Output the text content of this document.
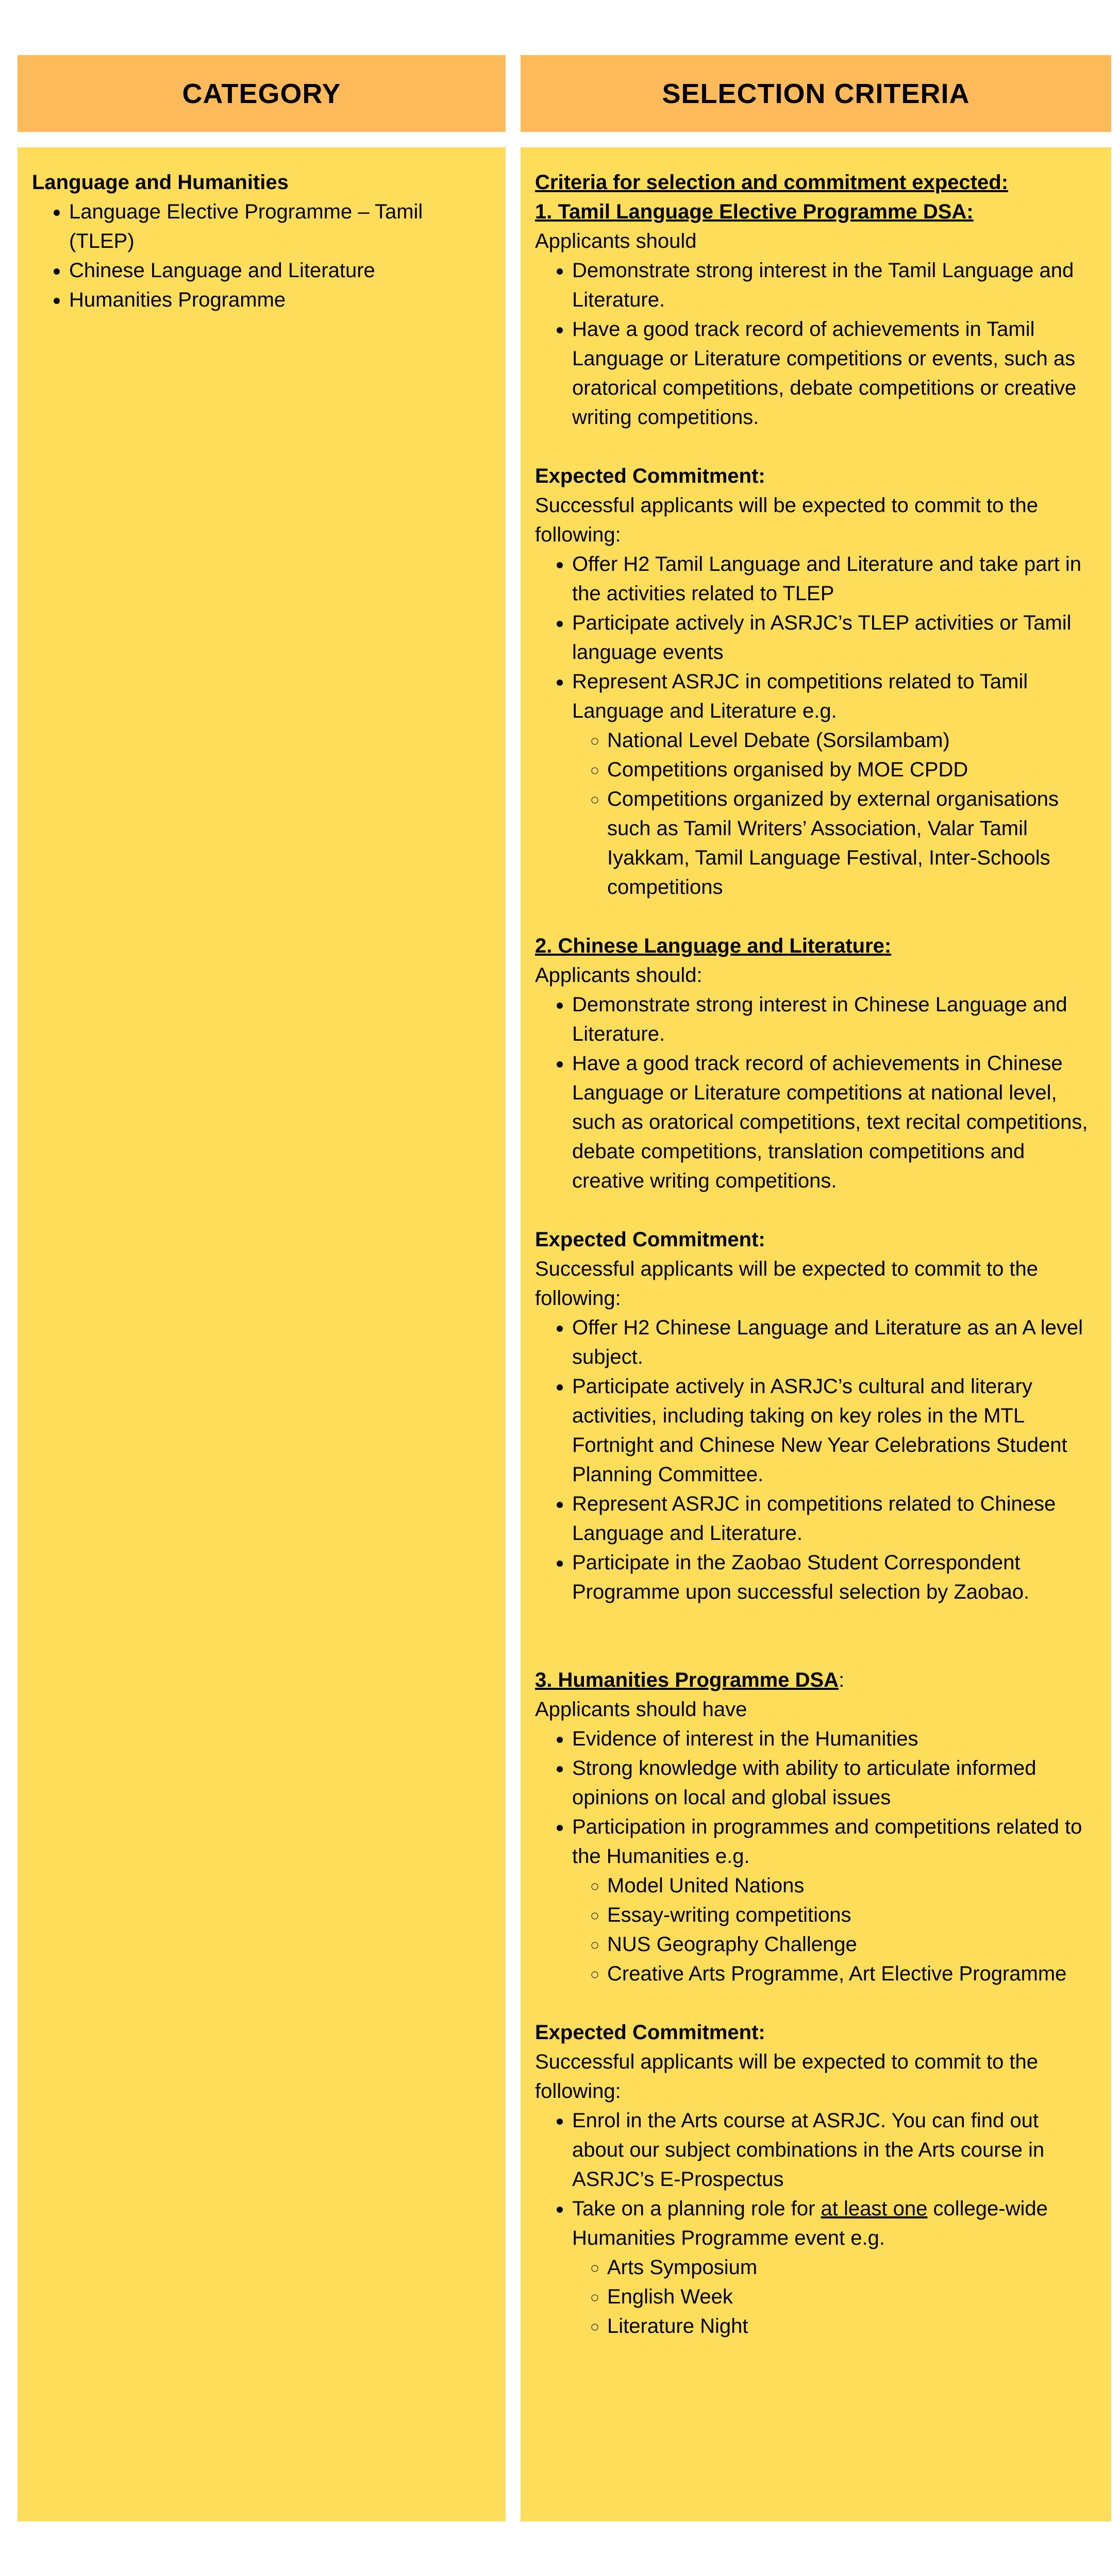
CATEGORY	SELECTION CRITERIA

Language and Humanities

• Language Elective Programme – Tamil (TLEP)
• Chinese Language and Literature
• Humanities Programme

Criteria for selection and commitment expected:

1. Tamil Language Elective Programme DSA:

Applicants should

• Demonstrate strong interest in the Tamil Language and Literature.
• Have a good track record of achievements in Tamil Language or Literature competitions or events, such as oratorical competitions, debate competitions or creative writing competitions.

Expected Commitment:

Successful applicants will be expected to commit to the following:

• Offer H2 Tamil Language and Literature and take part in the activities related to TLEP
• Participate actively in ASRJC’s TLEP activities or Tamil language events
• Represent ASRJC in competitions related to Tamil Language and Literature e.g.
◦ National Level Debate (Sorsilambam)
◦ Competitions organised by MOE CPDD
◦ Competitions organized by external organisations such as Tamil Writers’ Association, Valar Tamil Iyakkam, Tamil Language Festival, Inter-Schools competitions

2. Chinese Language and Literature:

Applicants should:

• Demonstrate strong interest in Chinese Language and Literature.
• Have a good track record of achievements in Chinese Language or Literature competitions at national level, such as oratorical competitions, text recital competitions, debate competitions, translation competitions and creative writing competitions.

Expected Commitment:

Successful applicants will be expected to commit to the following:

• Offer H2 Chinese Language and Literature as an A level subject.
• Participate actively in ASRJC’s cultural and literary activities, including taking on key roles in the MTL Fortnight and Chinese New Year Celebrations Student Planning Committee.
• Represent ASRJC in competitions related to Chinese Language and Literature.
• Participate in the Zaobao Student Correspondent Programme upon successful selection by Zaobao.

3. Humanities Programme DSA:

Applicants should have

• Evidence of interest in the Humanities
• Strong knowledge with ability to articulate informed opinions on local and global issues
• Participation in programmes and competitions related to the Humanities e.g.
◦ Model United Nations
◦ Essay-writing competitions
◦ NUS Geography Challenge
◦ Creative Arts Programme, Art Elective Programme

Expected Commitment:

Successful applicants will be expected to commit to the following:

• Enrol in the Arts course at ASRJC. You can find out about our subject combinations in the Arts course in ASRJC’s E-Prospectus
• Take on a planning role for at least one college-wide Humanities Programme event e.g.
◦ Arts Symposium
◦ English Week
◦ Literature Night
